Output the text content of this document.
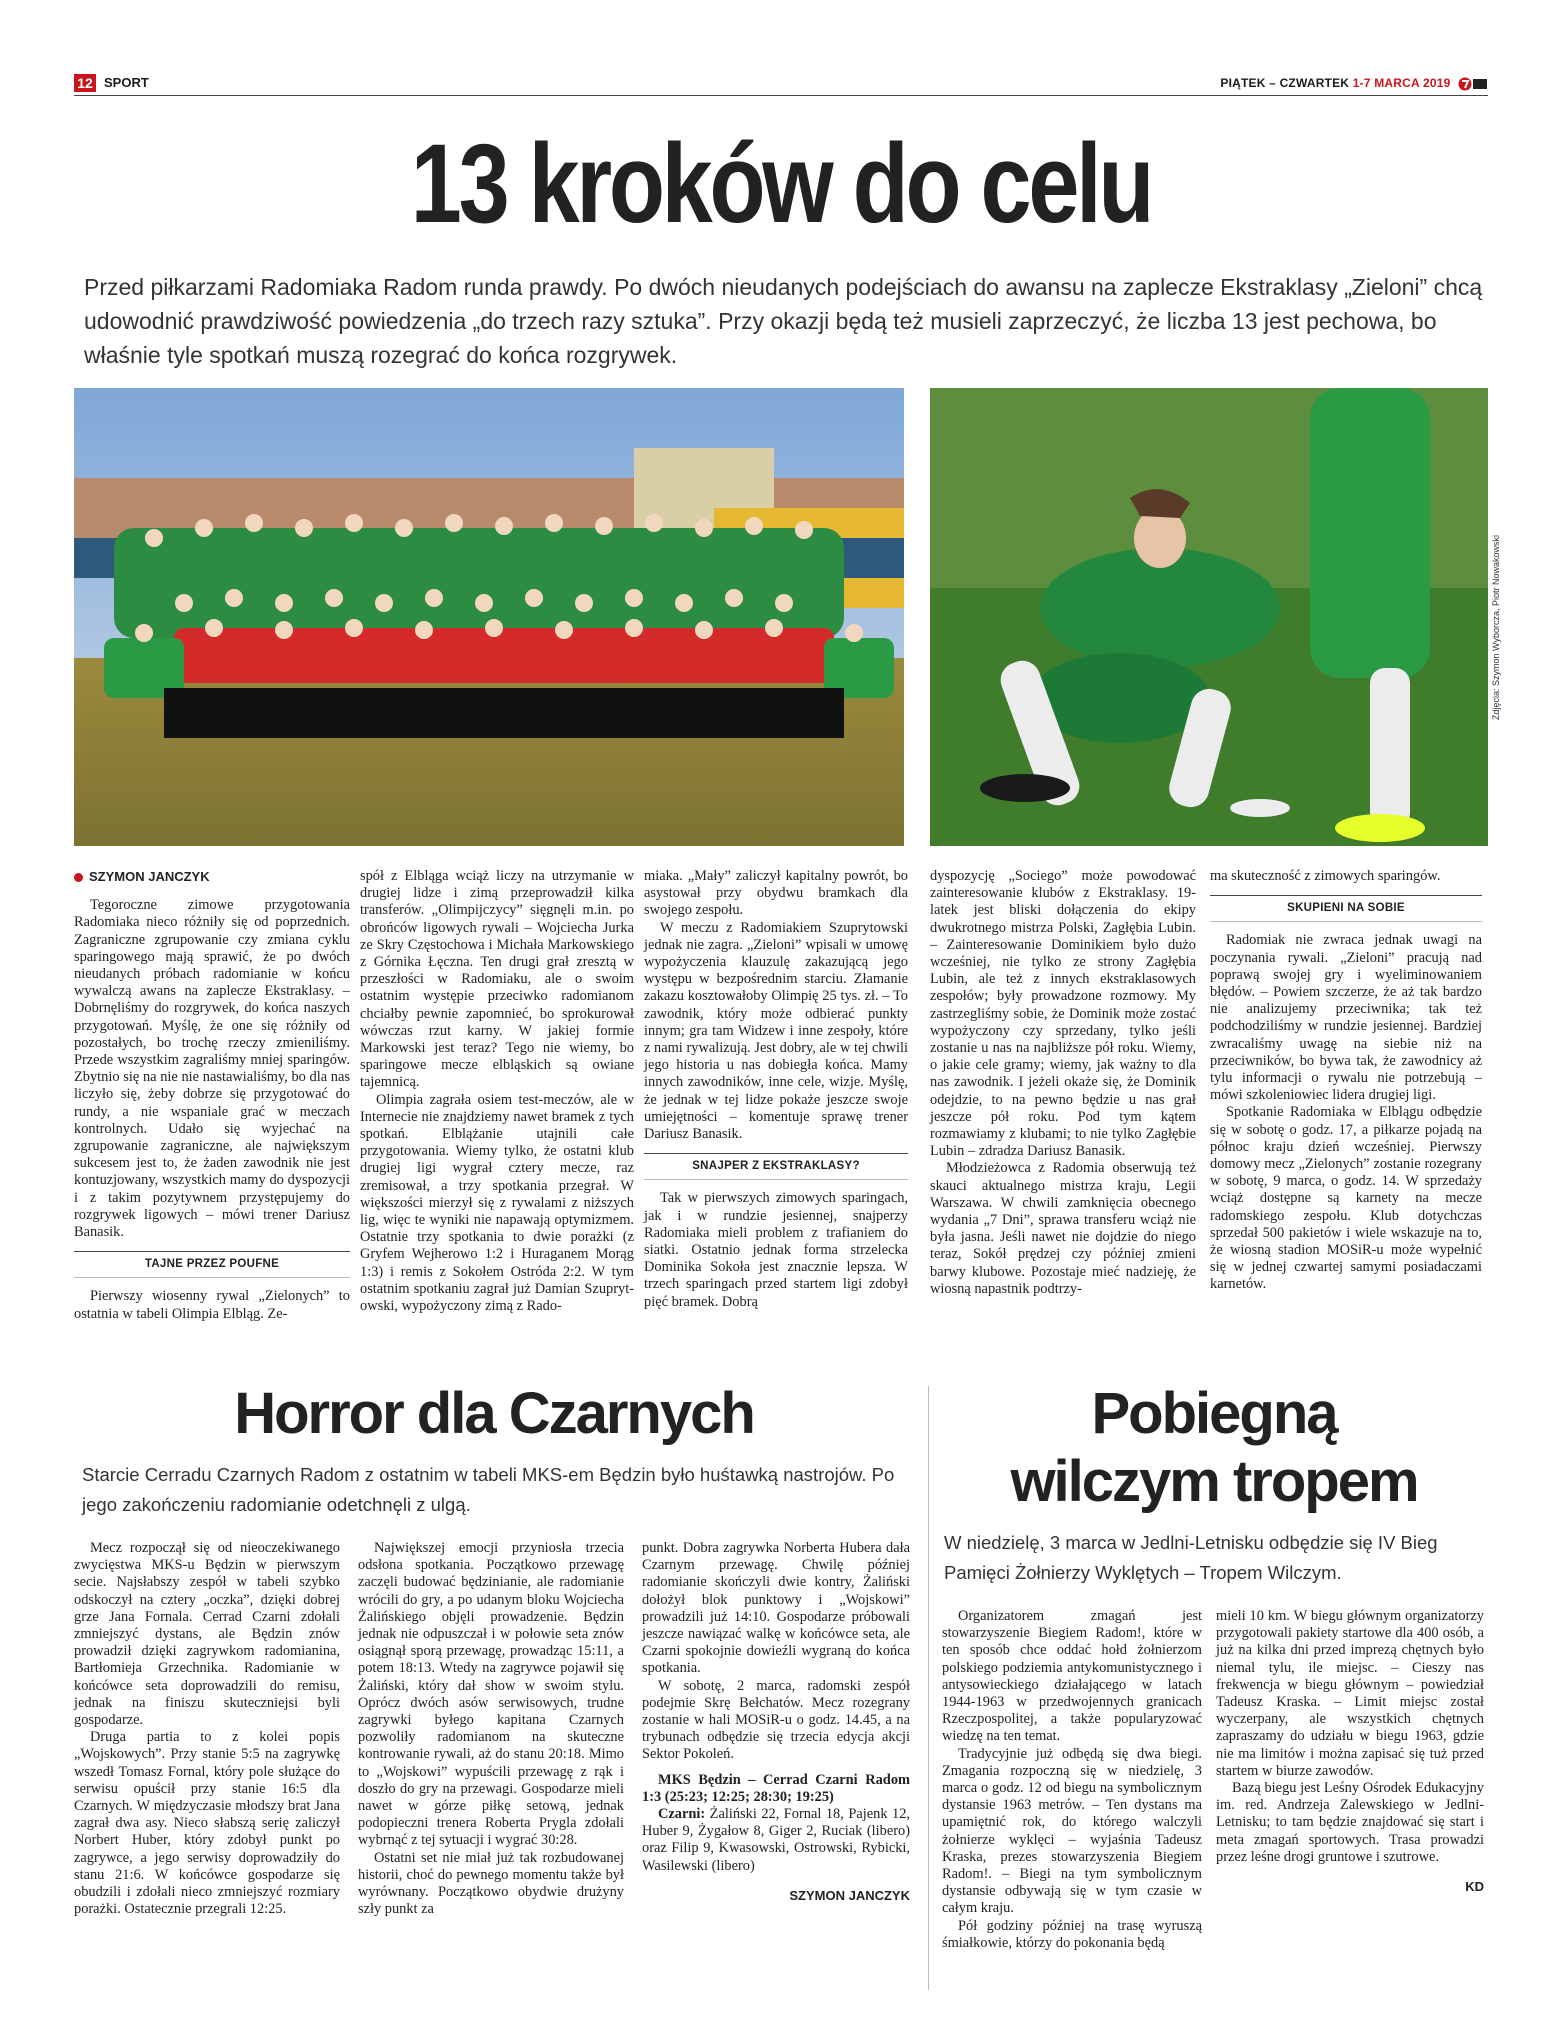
12 SPORT	PIĄTEK – CZWARTEK 1-7 MARCA 2019
13 kroków do celu
Przed piłkarzami Radomiaka Radom runda prawdy. Po dwóch nieudanych podejściach do awansu na zaplecze Ekstraklasy „Zieloni” chcą udowodnić prawdziwość powiedzenia „do trzech razy sztuka”. Przy okazji będą też musieli zaprzeczyć, że liczba 13 jest pechowa, bo właśnie tyle spotkań muszą rozegrać do końca rozgrywek.
Zdjęcia: Szymon Wyborcza, Piotr Nowakowski
SZYMON JANCZYK

Tegoroczne zimowe przygotowania Radomiaka nieco różniły się od poprzednich. Zagraniczne zgrupowanie czy zmiana cyklu sparingowego mają sprawić, że po dwóch nieudanych próbach radomianie w końcu wywalczą awans na zaplecze Ekstraklasy. – Dobrnęliśmy do rozgrywek, do końca naszych przygotowań. Myślę, że one się różniły od pozostałych, bo trochę rzeczy zmieniliśmy. Przede wszystkim zagraliśmy mniej sparingów. Zbytnio się na nie nie nastawialiśmy, bo dla nas liczyło się, żeby dobrze się przygotować do rundy, a nie wspaniale grać w meczach kontrolnych. Udało się wyjechać na zgrupowanie zagraniczne, ale największym sukcesem jest to, że żaden zawodnik nie jest kontuzjowany, wszystkich mamy do dyspozycji i z takim pozytywnem przystępujemy do rozgrywek ligowych – mówi trener Dariusz Banasik.

TAJNE PRZEZ POUFNE

Pierwszy wiosenny rywal „Zielonych” to ostatnia w tabeli Olimpia Elbląg. Ze-

spół z Elbląga wciąż liczy na utrzymanie w drugiej lidze i zimą przeprowadził kilka transferów. „Olimpijczycy” sięgnęli m.in. po obrońców ligowych rywali – Wojciecha Jurka ze Skry Częstochowa i Michała Markowskiego z Górnika Łęczna. Ten drugi grał zresztą w przeszłości w Radomiaku, ale o swoim ostatnim występie przeciwko radomianom chciałby pewnie zapomnieć, bo sprokurował wówczas rzut karny. W jakiej formie Markowski jest teraz? Tego nie wiemy, bo sparingowe mecze elbląskich są owiane tajemnicą.

Olimpia zagrała osiem test-meczów, ale w Internecie nie znajdziemy nawet bramek z tych spotkań. Elblążanie utajnili całe przygotowania. Wiemy tylko, że ostatni klub drugiej ligi wygrał cztery mecze, raz zremisował, a trzy spotkania przegrał. W większości mierzył się z rywalami z niższych lig, więc te wyniki nie napawają optymizmem. Ostatnie trzy spotkania to dwie porażki (z Gryfem Wejherowo 1:2 i Huraganem Morąg 1:3) i remis z Sokołem Ostróda 2:2. W tym ostatnim spotkaniu zagrał już Damian Szuprytowski, wypożyczony zimą z Rado-

miaka. „Mały” zaliczył kapitalny powrót, bo asystował przy obydwu bramkach dla swojego zespołu.

W meczu z Radomiakiem Szuprytowski jednak nie zagra. „Zieloni” wpisali w umowę wypożyczenia klauzulę zakazującą jego występu w bezpośrednim starciu. Złamanie zakazu kosztowałoby Olimpię 25 tys. zł. – To zawodnik, który może odbierać punkty innym; gra tam Widzew i inne zespoły, które z nami rywalizują. Jest dobry, ale w tej chwili jego historia u nas dobiegła końca. Mamy innych zawodników, inne cele, wizje. Myślę, że jednak w tej lidze pokaże jeszcze swoje umiejętności – komentuje sprawę trener Dariusz Banasik.

SNAJPER Z EKSTRAKLASY?

Tak w pierwszych zimowych sparingach, jak i w rundzie jesiennej, snajperzy Radomiaka mieli problem z trafianiem do siatki. Ostatnio jednak forma strzelecka Dominika Sokoła jest znacznie lepsza. W trzech sparingach przed startem ligi zdobył pięć bramek. Dobrą

dyspozycję „Sociego” może powodować zainteresowanie klubów z Ekstraklasy. 19-latek jest bliski dołączenia do ekipy dwukrotnego mistrza Polski, Zagłębia Lubin. – Zainteresowanie Dominikiem było dużo wcześniej, nie tylko ze strony Zagłębia Lubin, ale też z innych ekstraklasowych zespołów; były prowadzone rozmowy. My zastrzegliśmy sobie, że Dominik może zostać wypożyczony czy sprzedany, tylko jeśli zostanie u nas na najbliższe pół roku. Wiemy, o jakie cele gramy; wiemy, jak ważny to dla nas zawodnik. I jeżeli okaże się, że Dominik odejdzie, to na pewno będzie u nas grał jeszcze pół roku. Pod tym kątem rozmawiamy z klubami; to nie tylko Zagłębie Lubin – zdradza Dariusz Banasik.

Młodzieżowca z Radomia obserwują też skauci aktualnego mistrza kraju, Legii Warszawa. W chwili zamknięcia obecnego wydania „7 Dni”, sprawa transferu wciąż nie była jasna. Jeśli nawet nie dojdzie do niego teraz, Sokół prędzej czy później zmieni barwy klubowe. Pozostaje mieć nadzieję, że wiosną napastnik podtrzy-

ma skuteczność z zimowych sparingów.

SKUPIENI NA SOBIE

Radomiak nie zwraca jednak uwagi na poczynania rywali. „Zieloni” pracują nad poprawą swojej gry i wyeliminowaniem błędów. – Powiem szczerze, że aż tak bardzo nie analizujemy przeciwnika; tak też podchodziliśmy w rundzie jesiennej. Bardziej zwracaliśmy uwagę na siebie niż na przeciwników, bo bywa tak, że zawodnicy aż tylu informacji o rywalu nie potrzebują – mówi szkoleniowiec lidera drugiej ligi.

Spotkanie Radomiaka w Elblągu odbędzie się w sobotę o godz. 17, a piłkarze pojadą na północ kraju dzień wcześniej. Pierwszy domowy mecz „Zielonych” zostanie rozegrany w sobotę, 9 marca, o godz. 14. W sprzedaży wciąż dostępne są karnety na mecze radomskiego zespołu. Klub dotychczas sprzedał 500 pakietów i wiele wskazuje na to, że wiosną stadion MOSiR-u może wypełnić się w jednej czwartej samymi posiadaczami karnetów.

Horror dla Czarnych
Starcie Cerradu Czarnych Radom z ostatnim w tabeli MKS-em Będzin było huśtawką nastrojów. Po jego zakończeniu radomianie odetchnęli z ulgą.

Mecz rozpoczął się od nieoczekiwanego zwycięstwa MKS-u Będzin w pierwszym secie. Najsłabszy zespół w tabeli szybko odskoczył na cztery „oczka”, dzięki dobrej grze Jana Fornala. Cerrad Czarni zdołali zmniejszyć dystans, ale Będzin znów prowadził dzięki zagrywkom radomianina, Bartłomieja Grzechnika. Radomianie w końcówce seta doprowadzili do remisu, jednak na finiszu skuteczniejsi byli gospodarze.

Druga partia to z kolei popis „Wojskowych”. Przy stanie 5:5 na zagrywkę wszedł Tomasz Fornal, który pole służące do serwisu opuścił przy stanie 16:5 dla Czarnych. W międzyczasie młodszy brat Jana zagrał dwa asy. Nieco słabszą serię zaliczył Norbert Huber, który zdobył punkt po zagrywce, a jego serwisy doprowadziły do stanu 21:6. W końcówce gospodarze się obudzili i zdołali nieco zmniejszyć rozmiary porażki. Ostatecznie przegrali 12:25.

Największej emocji przyniosła trzecia odsłona spotkania. Początkowo przewagę zaczęli budować będzinianie, ale radomianie wrócili do gry, a po udanym bloku Wojciecha Żalińskiego objęli prowadzenie. Będzin jednak nie odpuszczał i w połowie seta znów osiągnął sporą przewagę, prowadząc 15:11, a potem 18:13. Wtedy na zagrywce pojawił się Żaliński, który dał show w swoim stylu. Oprócz dwóch asów serwisowych, trudne zagrywki byłego kapitana Czarnych pozwoliły radomianom na skuteczne kontrowanie rywali, aż do stanu 20:18. Mimo to „Wojskowi” wypuścili przewagę z rąk i doszło do gry na przewagi. Gospodarze mieli nawet w górze piłkę setową, jednak podopieczni trenera Roberta Prygla zdołali wybrnąć z tej sytuacji i wygrać 30:28.

Ostatni set nie miał już tak rozbudowanej historii, choć do pewnego momentu także był wyrównany. Początkowo obydwie drużyny szły punkt za

punkt. Dobra zagrywka Norberta Hubera dała Czarnym przewagę. Chwilę później radomianie skończyli dwie kontry, Żaliński dołożył blok punktowy i „Wojskowi” prowadzili już 14:10. Gospodarze próbowali jeszcze nawiązać walkę w końcówce seta, ale Czarni spokojnie dowieźli wygraną do końca spotkania.

W sobotę, 2 marca, radomski zespół podejmie Skrę Bełchatów. Mecz rozegrany zostanie w hali MOSiR-u o godz. 14.45, a na trybunach odbędzie się trzecia edycja akcji Sektor Pokoleń.

MKS Będzin – Cerrad Czarni Radom 1:3 (25:23; 12:25; 28:30; 19:25)

Czarni: Żaliński 22, Fornal 18, Pajenk 12, Huber 9, Żygałow 8, Giger 2, Ruciak (libero) oraz Filip 9, Kwasowski, Ostrowski, Rybicki, Wasilewski (libero)

SZYMON JANCZYK
Pobiegną
wilczym tropem
W niedzielę, 3 marca w Jedlni-Letnisku odbędzie się IV Bieg Pamięci Żołnierzy Wyklętych – Tropem Wilczym.

Organizatorem zmagań jest stowarzyszenie Biegiem Radom!, które w ten sposób chce oddać hołd żołnierzom polskiego podziemia antykomunistycznego i antysowieckiego działającego w latach 1944-1963 w przedwojennych granicach Rzeczpospolitej, a także popularyzować wiedzę na ten temat.

Tradycyjnie już odbędą się dwa biegi. Zmagania rozpoczną się w niedzielę, 3 marca o godz. 12 od biegu na symbolicznym dystansie 1963 metrów. – Ten dystans ma upamiętnić rok, do którego walczyli żołnierze wyklęci – wyjaśnia Tadeusz Kraska, prezes stowarzyszenia Biegiem Radom!. – Biegi na tym symbolicznym dystansie odbywają się w tym czasie w całym kraju.

Pół godziny później na trasę wyruszą śmiałkowie, którzy do pokonania będą

mieli 10 km. W biegu głównym organizatorzy przygotowali pakiety startowe dla 400 osób, a już na kilka dni przed imprezą chętnych było niemal tylu, ile miejsc. – Cieszy nas frekwencja w biegu głównym – powiedział Tadeusz Kraska. – Limit miejsc został wyczerpany, ale wszystkich chętnych zapraszamy do udziału w biegu 1963, gdzie nie ma limitów i można zapisać się tuż przed startem w biurze zawodów.

Bazą biegu jest Leśny Ośrodek Edukacyjny im. red. Andrzeja Zalewskiego w Jedlni-Letnisku; to tam będzie znajdować się start i meta zmagań sportowych. Trasa prowadzi przez leśne drogi gruntowe i szutrowe.

KD
